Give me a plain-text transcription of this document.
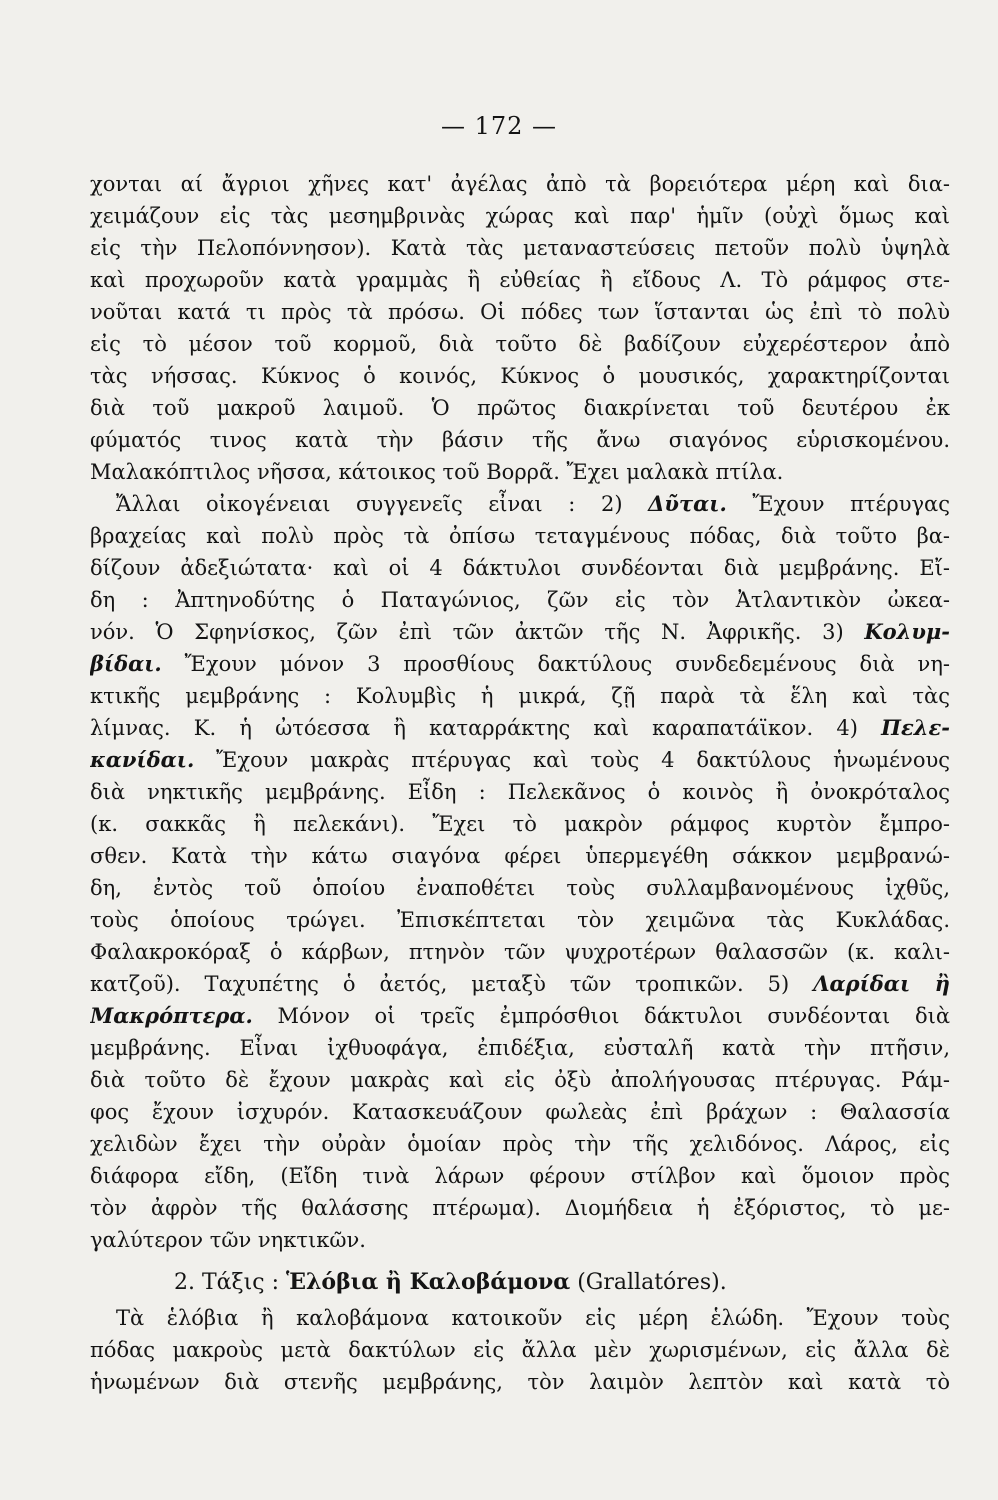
— 172 —
χονται αί ἄγριοι χῆνες κατ' ἀγέλας ἀπὸ τὰ βορειότερα μέρη καὶ δια-
χειμάζουν εἰς τὰς μεσημβρινὰς χώρας καὶ παρ' ἡμῖν (οὐχὶ ὅμως καὶ
εἰς τὴν Πελοπόννησον). Κατὰ τὰς μεταναστεύσεις πετοῦν πολὺ ὑψηλὰ
καὶ προχωροῦν κατὰ γραμμὰς ἢ εὐθείας ἢ εἴδους Λ. Τὸ ράμφος στε-
νοῦται κατά τι πρὸς τὰ πρόσω. Οἱ πόδες των ἵστανται ὡς ἐπὶ τὸ πολὺ
εἰς τὸ μέσον τοῦ κορμοῦ, διὰ τοῦτο δὲ βαδίζουν εὐχερέστερον ἀπὸ
τὰς νήσσας. Κύκνος ὁ κοινός, Κύκνος ὁ μουσικός, χαρακτηρίζονται
διὰ τοῦ μακροῦ λαιμοῦ. Ὁ πρῶτος διακρίνεται τοῦ δευτέρου ἐκ
φύματός τινος κατὰ τὴν βάσιν τῆς ἄνω σιαγόνος εὑρισκομένου.
Μαλακόπτιλος νῆσσα, κάτοικος τοῦ Βορρᾶ. Ἔχει μαλακὰ πτίλα.
Ἄλλαι οἰκογένειαι συγγενεῖς εἶναι : 2) Δῦται. Ἔχουν πτέρυγας
βραχείας καὶ πολὺ πρὸς τὰ ὀπίσω τεταγμένους πόδας, διὰ τοῦτο βα-
δίζουν ἀδεξιώτατα· καὶ οἱ 4 δάκτυλοι συνδέονται διὰ μεμβράνης. Εἴ-
δη : Ἀπτηνοδύτης ὁ Παταγώνιος, ζῶν εἰς τὸν Ἀτλαντικὸν ὠκεα-
νόν. Ὁ Σφηνίσκος, ζῶν ἐπὶ τῶν ἀκτῶν τῆς Ν. Ἀφρικῆς. 3) Κολυμ-
βίδαι. Ἔχουν μόνον 3 προσθίους δακτύλους συνδεδεμένους διὰ νη-
κτικῆς μεμβράνης : Κολυμβὶς ἡ μικρά, ζῇ παρὰ τὰ ἕλη καὶ τὰς
λίμνας. Κ. ἡ ὠτόεσσα ἢ καταρράκτης καὶ καραπατάϊκον. 4) Πελε-
κανίδαι. Ἔχουν μακρὰς πτέρυγας καὶ τοὺς 4 δακτύλους ἡνωμένους
διὰ νηκτικῆς μεμβράνης. Εἶδη : Πελεκᾶνος ὁ κοινὸς ἢ ὀνοκρόταλος
(κ. σακκᾶς ἢ πελεκάνι). Ἔχει τὸ μακρὸν ράμφος κυρτὸν ἔμπρο-
σθεν. Κατὰ τὴν κάτω σιαγόνα φέρει ὑπερμεγέθη σάκκον μεμβρανώ-
δη, ἐντὸς τοῦ ὁποίου ἐναποθέτει τοὺς συλλαμβανομένους ἰχθῦς,
τοὺς ὁποίους τρώγει. Ἐπισκέπτεται τὸν χειμῶνα τὰς Κυκλάδας.
Φαλακροκόραξ ὁ κάρβων, πτηνὸν τῶν ψυχροτέρων θαλασσῶν (κ. καλι-
κατζοῦ). Ταχυπέτης ὁ ἀετός, μεταξὺ τῶν τροπικῶν. 5) Λαρίδαι ἢ
Μακρόπτερα. Μόνον οἱ τρεῖς ἐμπρόσθιοι δάκτυλοι συνδέονται διὰ
μεμβράνης. Εἶναι ἰχθυοφάγα, ἐπιδέξια, εὐσταλῆ κατὰ τὴν πτῆσιν,
διὰ τοῦτο δὲ ἔχουν μακρὰς καὶ εἰς ὀξὺ ἀπολήγουσας πτέρυγας. Ράμ-
φος ἔχουν ἰσχυρόν. Κατασκευάζουν φωλεὰς ἐπὶ βράχων : Θαλασσία
χελιδὼν ἔχει τὴν οὐρὰν ὁμοίαν πρὸς τὴν τῆς χελιδόνος. Λάρος, εἰς
διάφορα εἴδη, (Εἴδη τινὰ λάρων φέρουν στίλβον καὶ ὅμοιον πρὸς
τὸν ἀφρὸν τῆς θαλάσσης πτέρωμα). Διομήδεια ἡ ἐξόριστος, τὸ με-
γαλύτερον τῶν νηκτικῶν.
2. Τάξις : Ἑλόβια ἢ Καλοβάμονα (Grallatóres).
Τὰ ἑλόβια ἢ καλοβάμονα κατοικοῦν εἰς μέρη ἑλώδη. Ἔχουν τοὺς
πόδας μακροὺς μετὰ δακτύλων εἰς ἄλλα μὲν χωρισμένων, εἰς ἄλλα δὲ
ἡνωμένων διὰ στενῆς μεμβράνης, τὸν λαιμὸν λεπτὸν καὶ κατὰ τὸ
